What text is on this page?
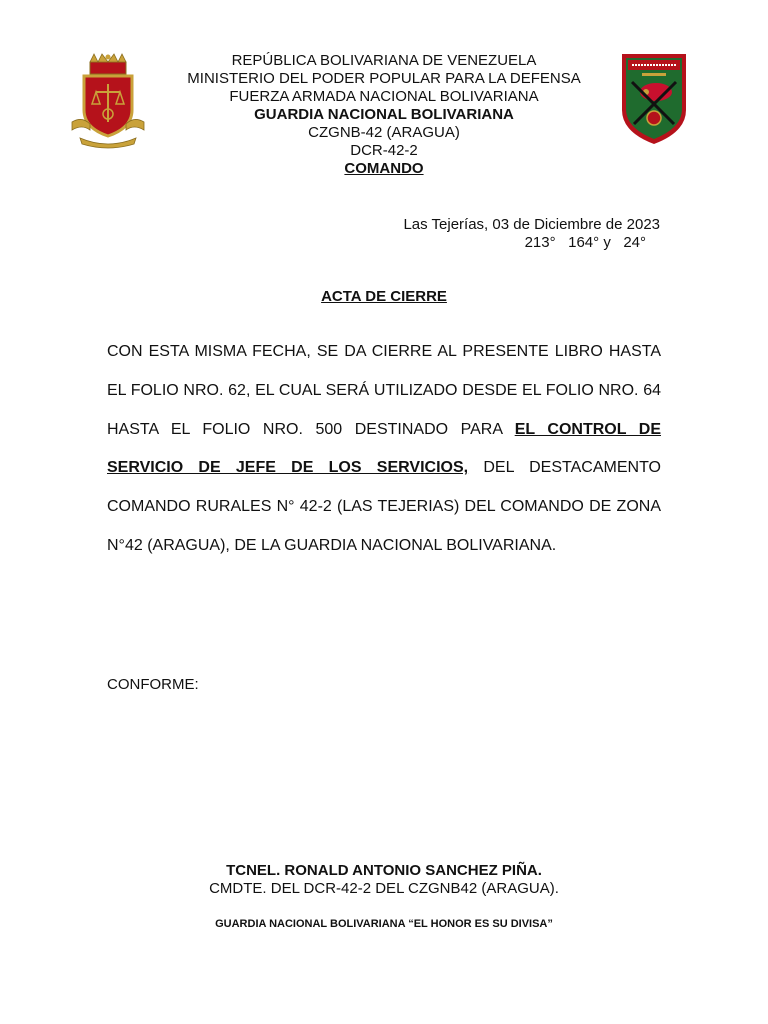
REPÚBLICA BOLIVARIANA DE VENEZUELA
MINISTERIO DEL PODER POPULAR PARA LA DEFENSA
FUERZA ARMADA NACIONAL BOLIVARIANA
GUARDIA NACIONAL BOLIVARIANA
CZGNB-42 (ARAGUA)
DCR-42-2
COMANDO
Las Tejerías, 03 de Diciembre de 2023
213°   164° y   24°
ACTA DE CIERRE
CON ESTA MISMA FECHA, SE DA CIERRE AL PRESENTE LIBRO HASTA EL FOLIO NRO. 62, EL CUAL SERÁ UTILIZADO DESDE EL FOLIO NRO. 64 HASTA EL FOLIO NRO. 500 DESTINADO PARA EL CONTROL DE SERVICIO DE JEFE DE LOS SERVICIOS, DEL DESTACAMENTO COMANDO RURALES N° 42-2 (LAS TEJERIAS) DEL COMANDO DE ZONA N°42 (ARAGUA), DE LA GUARDIA NACIONAL BOLIVARIANA.
CONFORME:
TCNEL. RONALD ANTONIO SANCHEZ PIÑA.
CMDTE. DEL DCR-42-2 DEL CZGNB42 (ARAGUA).
GUARDIA NACIONAL BOLIVARIANA “EL HONOR ES SU DIVISA”
